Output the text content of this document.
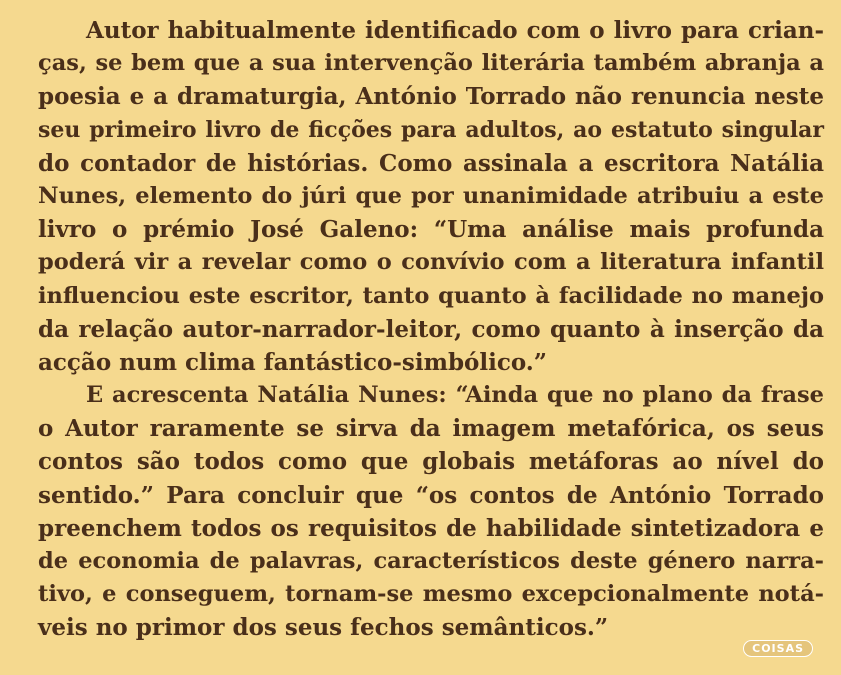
Autor habitualmente identificado com o livro para crian-
ças, se bem que a sua intervenção literária também abranja a
poesia e a dramaturgia, António Torrado não renuncia neste
seu primeiro livro de ficções para adultos, ao estatuto singular
do contador de histórias. Como assinala a escritora Natália
Nunes, elemento do júri que por unanimidade atribuiu a este
livro o prémio José Galeno: “Uma análise mais profunda
poderá vir a revelar como o convívio com a literatura infantil
influenciou este escritor, tanto quanto à facilidade no manejo
da relação autor-narrador-leitor, como quanto à inserção da
acção num clima fantástico-simbólico.”
E acrescenta Natália Nunes: “Ainda que no plano da frase
o Autor raramente se sirva da imagem metafórica, os seus
contos são todos como que globais metáforas ao nível do
sentido.” Para concluir que “os contos de António Torrado
preenchem todos os requisitos de habilidade sintetizadora e
de economia de palavras, característicos deste género narra-
tivo, e conseguem, tornam-se mesmo excepcionalmente notá-
veis no primor dos seus fechos semânticos.”
COISAS
